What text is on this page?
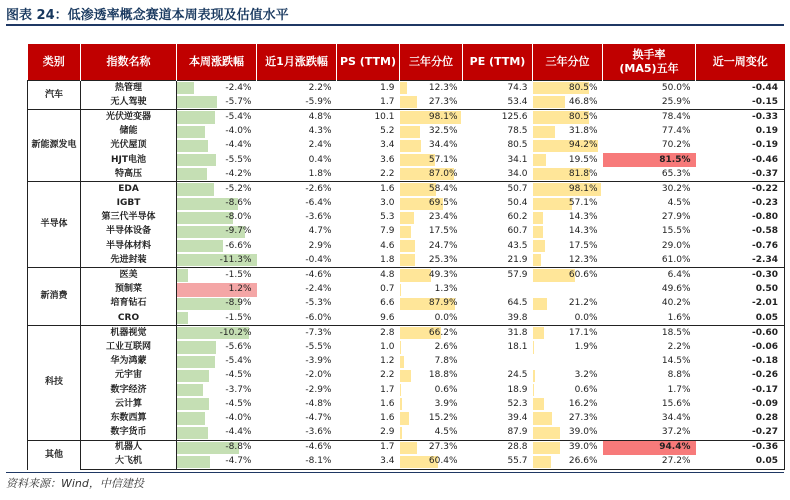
图表 24：低渗透率概念赛道本周表现及估值水平
类别	指数名称	本周涨跌幅	近1月涨跌幅	PS (TTM)	三年分位	PE (TTM)	三年分位	换手率
(MA5)五年	近一周变化
汽车	热管理	-2.4%	2.2%	1.9	12.3%	74.3	80.5%	50.0%	-0.44
	无人驾驶	-5.7%	-5.9%	1.7	27.3%	53.4	46.8%	25.9%	-0.15
新能源发电	光伏逆变器	-5.4%	4.8%	10.1	98.1%	125.6	80.5%	78.4%	-0.33
	储能	-4.0%	4.3%	5.2	32.5%	78.5	31.8%	77.4%	0.19
	光伏屋顶	-4.4%	2.4%	3.4	34.4%	80.5	94.2%	70.2%	-0.19
	HJT电池	-5.5%	0.4%	3.6	57.1%	34.1	19.5%	81.5%	-0.46
	特高压	-4.2%	1.8%	2.2	87.0%	34.0	81.8%	65.3%	-0.37
半导体	EDA	-5.2%	-2.6%	1.6	58.4%	50.7	98.1%	30.2%	-0.22
	IGBT	-8.6%	-6.4%	3.0	69.5%	50.4	57.1%	4.5%	-0.23
	第三代半导体	-8.0%	-3.6%	5.3	23.4%	60.2	14.3%	27.9%	-0.80
	半导体设备	-9.7%	4.7%	7.9	17.5%	60.7	14.3%	15.5%	-0.58
	半导体材料	-6.6%	2.9%	4.6	24.7%	43.5	17.5%	29.0%	-0.76
	先进封装	-11.3%	-0.4%	1.8	25.3%	21.9	12.3%	61.0%	-2.34
新消费	医美	-1.5%	-4.6%	4.8	49.3%	57.9	60.6%	6.4%	-0.30
	预制菜	1.2%	-2.4%	0.7	1.3%			49.6%	0.50
	培育钻石	-8.9%	-5.3%	6.6	87.9%	64.5	21.2%	40.2%	-2.01
	CRO	-1.5%	-6.0%	9.6	0.0%	39.8	0.0%	1.6%	0.05
科技	机器视觉	-10.2%	-7.3%	2.8	66.2%	31.8	17.1%	18.5%	-0.60
	工业互联网	-5.6%	-5.5%	1.0	2.6%	18.1	1.9%	2.2%	-0.06
	华为鸿蒙	-5.4%	-3.9%	1.2	7.8%			14.5%	-0.18
	元宇宙	-4.5%	-2.0%	2.2	18.8%	24.5	3.2%	8.8%	-0.26
	数字经济	-3.7%	-2.9%	1.7	0.6%	18.9	0.6%	1.7%	-0.17
	云计算	-4.5%	-4.8%	1.6	3.9%	52.3	16.2%	15.6%	-0.09
	东数西算	-4.0%	-4.7%	1.6	15.2%	39.4	27.3%	34.4%	0.28
	数字货币	-4.4%	-3.6%	2.9	4.5%	87.9	39.0%	37.2%	-0.27
其他	机器人	-8.8%	-4.6%	1.7	27.3%	28.8	39.0%	94.4%	-0.36
	大飞机	-4.7%	-8.1%	3.4	60.4%	55.7	26.6%	27.2%	0.05
资料来源：Wind，中信建投
